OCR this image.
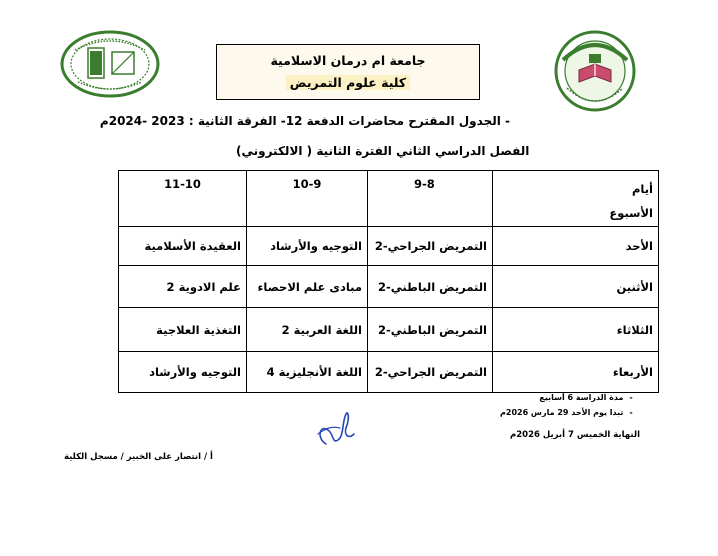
جامعة ام درمان الاسلامية
كلية علوم التمريض
- الجدول المقترح محاضرات الدفعة 12- الفرقة الثانية : 2023 -2024م
الفصل الدراسي الثاني الفترة الثانية ( الالكتروني)
أيام
الأسبوع	9-8	10-9	11-10
الأحد	التمريض الجراحي-2	التوجيه والأرشاد	العقيدة الأسلامية
الأثنين	التمريض الباطني-2	مبادى علم الاحصاء	علم الادوية 2
الثلاثاء	التمريض الباطني-2	اللغة العربية 2	التغذية العلاجية
الأربعاء	التمريض الجراحي-2	اللغة الأنجليزية 4	التوجيه والأرشاد
-مدة الدراسة 6 أسابيع
-تبدا يوم الأحد 29 مارس 2026م
النهاية الخميس 7 أبريل 2026م
أ / انتصار على الخبير / مسجل الكلية
